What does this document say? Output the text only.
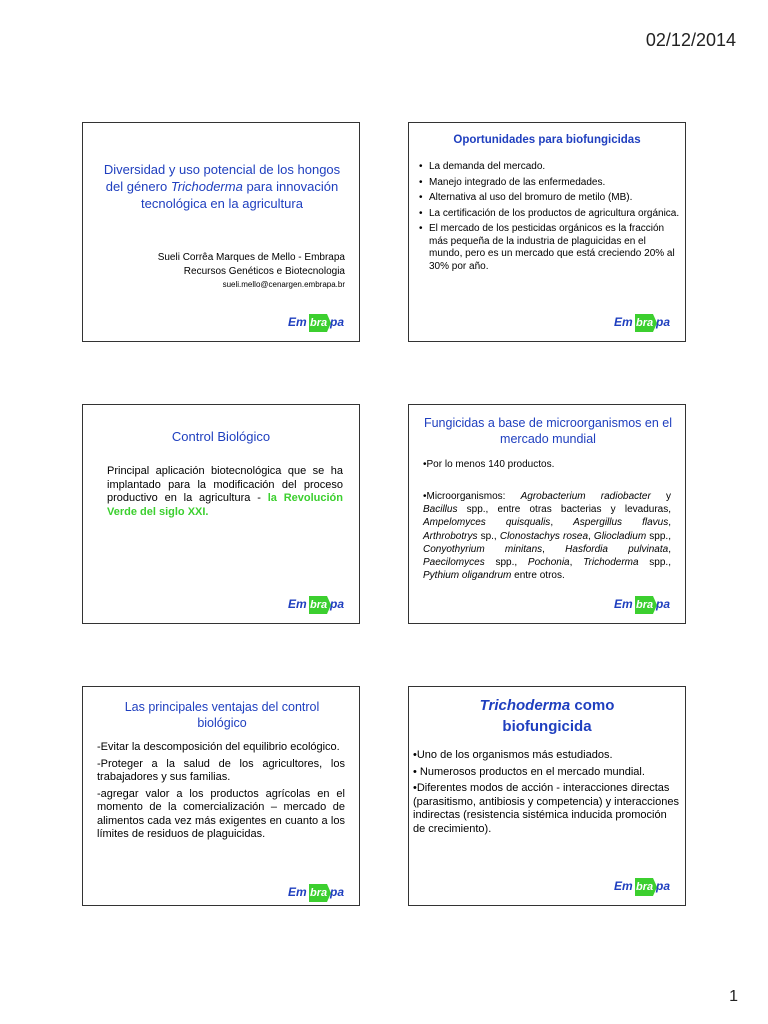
02/12/2014
Diversidad y uso potencial de los hongos del género Trichoderma para innovación tecnológica en la agricultura
Sueli Corrêa Marques de Mello - Embrapa
Recursos Genéticos e Biotecnologia
sueli.mello@cenargen.embrapa.br
Em bra pa
Oportunidades para biofungicidas
• La demanda del mercado.
• Manejo integrado de las enfermedades.
• Alternativa al uso del bromuro de metilo (MB).
• La certificación de los productos de agricultura orgánica.
• El mercado de los pesticidas orgánicos es la fracción más pequeña de la industria de plaguicidas en el mundo, pero es un mercado que está creciendo 20% al 30% por año.
Em bra pa
Control Biológico
Principal aplicación biotecnológica que se ha implantado para la modificación del proceso productivo en la agricultura - la Revolución Verde del siglo XXI.
Em bra pa
Fungicidas a base de microorganismos en el mercado mundial
•Por lo menos 140 productos.
•Microorganismos: Agrobacterium radiobacter y Bacillus spp., entre otras bacterias y levaduras, Ampelomyces quisqualis, Aspergillus flavus, Arthrobotrys sp., Clonostachys rosea, Gliocladium spp., Conyothyrium minitans, Hasfordia pulvinata, Paecilomyces spp., Pochonia, Trichoderma spp., Pythium oligandrum entre otros.
Em bra pa
Las principales ventajas del control biológico

-Evitar la descomposición del equilibrio ecológico.

-Proteger a la salud de los agricultores, los trabajadores y sus familias.

-agregar valor a los productos agrícolas en el momento de la comercialización – mercado de alimentos cada vez más exigentes en cuanto a los límites de residuos de plaguicidas.

Em bra pa
Trichoderma como
biofungicida

•Uno de los organismos más estudiados.

• Numerosos productos en el mercado mundial.

•Diferentes modos de acción - interacciones directas (parasitismo, antibiosis y competencia) y interacciones indirectas (resistencia sistémica inducida promoción de crecimiento).

Em bra pa
1
